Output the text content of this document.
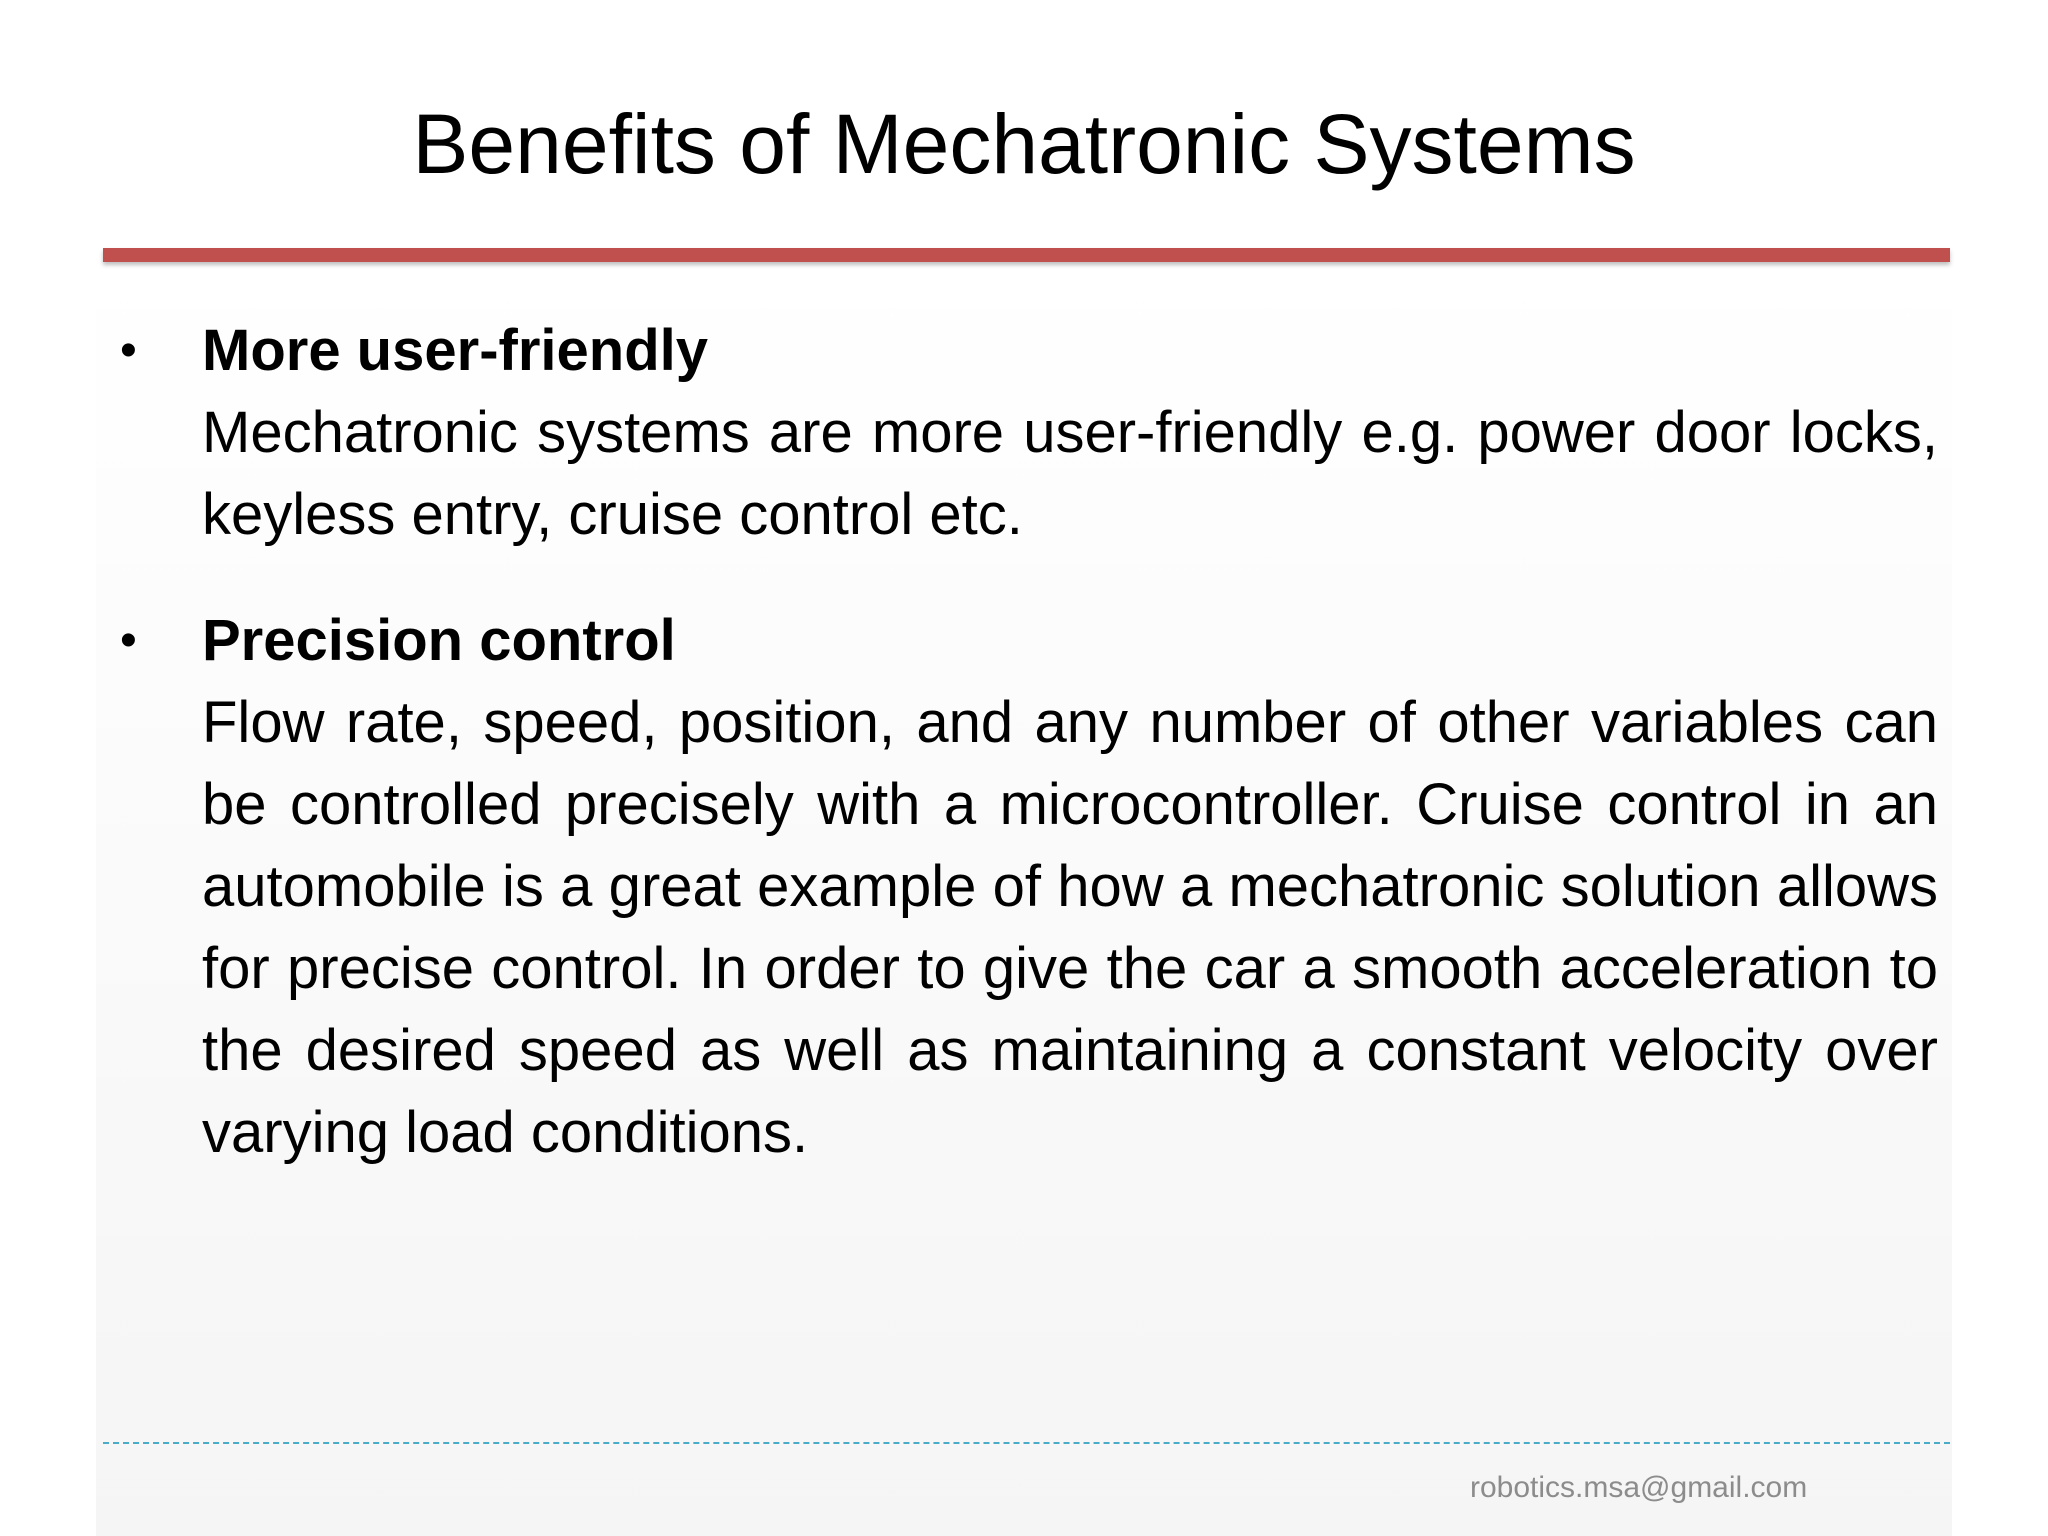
Benefits of Mechatronic Systems
• More user-friendly
Mechatronic systems are more user-friendly e.g. power door locks, keyless entry, cruise control etc.
• Precision control
Flow rate, speed, position, and any number of other variables can be controlled precisely with a microcontroller. Cruise control in an automobile is a great example of how a mechatronic solution allows for precise control. In order to give the car a smooth acceleration to the desired speed as well as maintaining a constant velocity over varying load conditions.
robotics.msa@gmail.com
